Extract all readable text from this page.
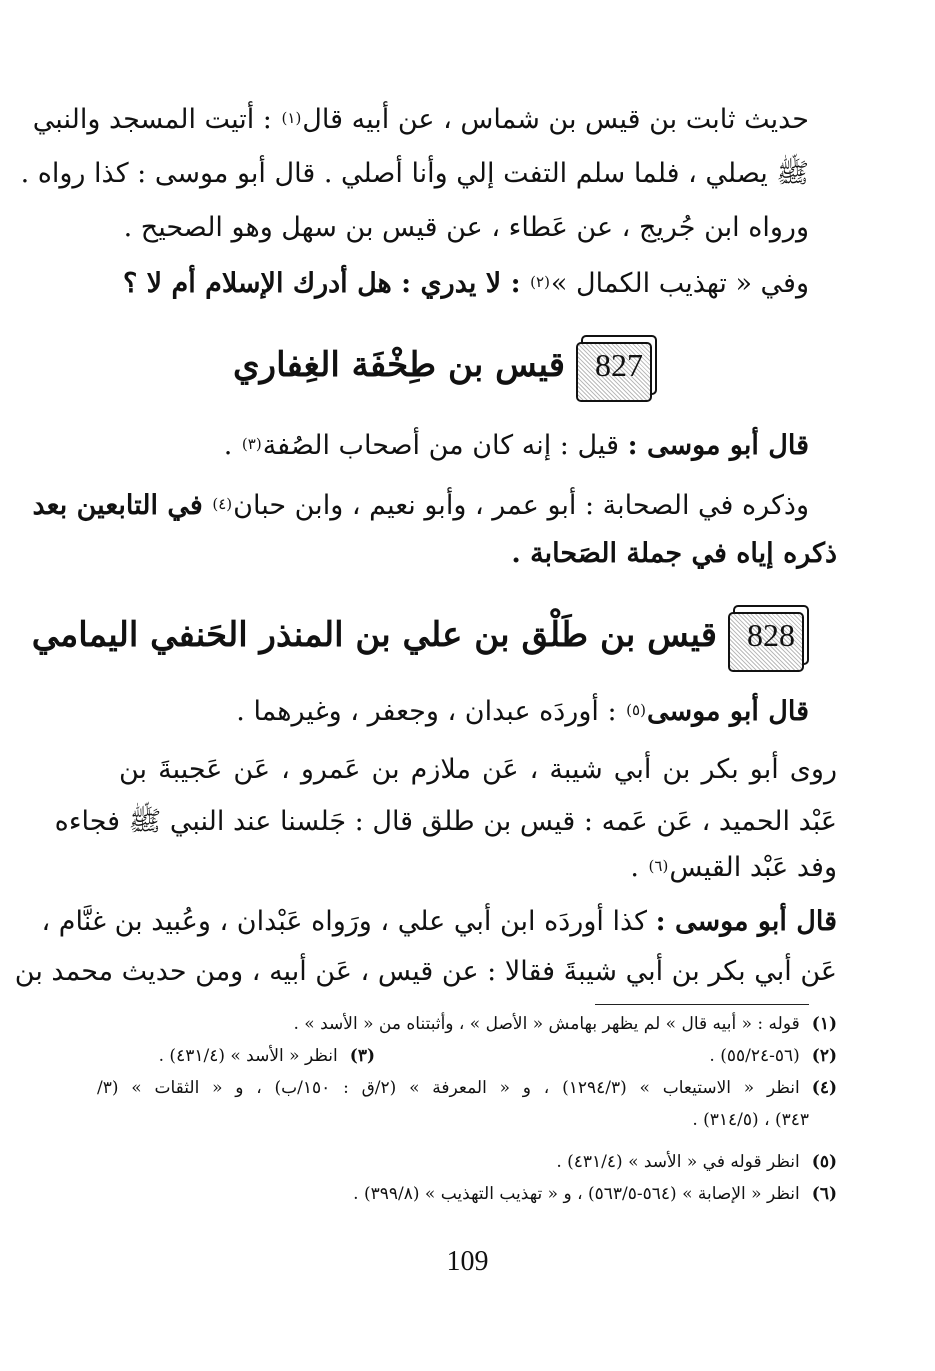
حديث ثابت بن قيس بن شماس ، عن أبيه قال$^{(١)}$ : أتيت المسجد والنبي
ﷺ يصلي ، فلما سلم التفت إلي وأنا أصلي . قال أبو موسى : كذا رواه .
ورواه ابن جُريج ، عن عَطاء ، عن قيس بن سهل وهو الصحيح .
وفي « تهذيب الكمال »$^{(٢)}$ : لا يدري : هل أدرك الإسلام أم لا ؟
827
قيس بن طِخْفَة الغِفاري
قال أبو موسى : قيل : إنه كان من أصحاب الصُفة$^{(٣)}$ .
وذكره في الصحابة : أبو عمر ، وأبو نعيم ، وابن حبان$^{(٤)}$ في التابعين بعد
ذكره إياه في جملة الصَحابة .
828
قيس بن طَلْق بن علي بن المنذر الحَنفي اليمامي
قال أبو موسى$^{(٥)}$ : أوردَه عبدان ، وجعفر ، وغيرهما .
روى أبو بكر بن أبي شيبة ، عَن ملازم بن عَمرو ، عَن عَجيبةَ بن
عَبْد الحميد ، عَن عَمه : قيس بن طلق قال : جَلسنا عند النبي ﷺ فجاءه
وفد عَبْد القيس$^{(٦)}$ .
قال أبو موسى : كذا أوردَه ابن أبي علي ، ورَواه عَبْدان ، وعُبيد بن غنَّام ،
عَن أبي بكر بن أبي شيبةَ فقالا : عن قيس ، عَن أبيه ، ومن حديث محمد بن
(١)قوله : « أبيه قال » لم يظهر بهامش « الأصل » ، وأثبتناه من « الأسد » .
(٢)(٥٦-٥٥/٢٤) .
(٣)انظر « الأسد » (٤٣١/٤) .
(٤)انظر « الاستيعاب » (١٢٩٤/٣) ، و « المعرفة » (٢/ق : ١٥٠/ب) ، و « الثقات » (٣/
٣٤٣) ، (٣١٤/٥) .
(٥)انظر قوله في « الأسد » (٤٣١/٤) .
(٦)انظر « الإصابة » (٥٦٤-٥٦٣/٥) ، و « تهذيب التهذيب » (٣٩٩/٨) .
109
